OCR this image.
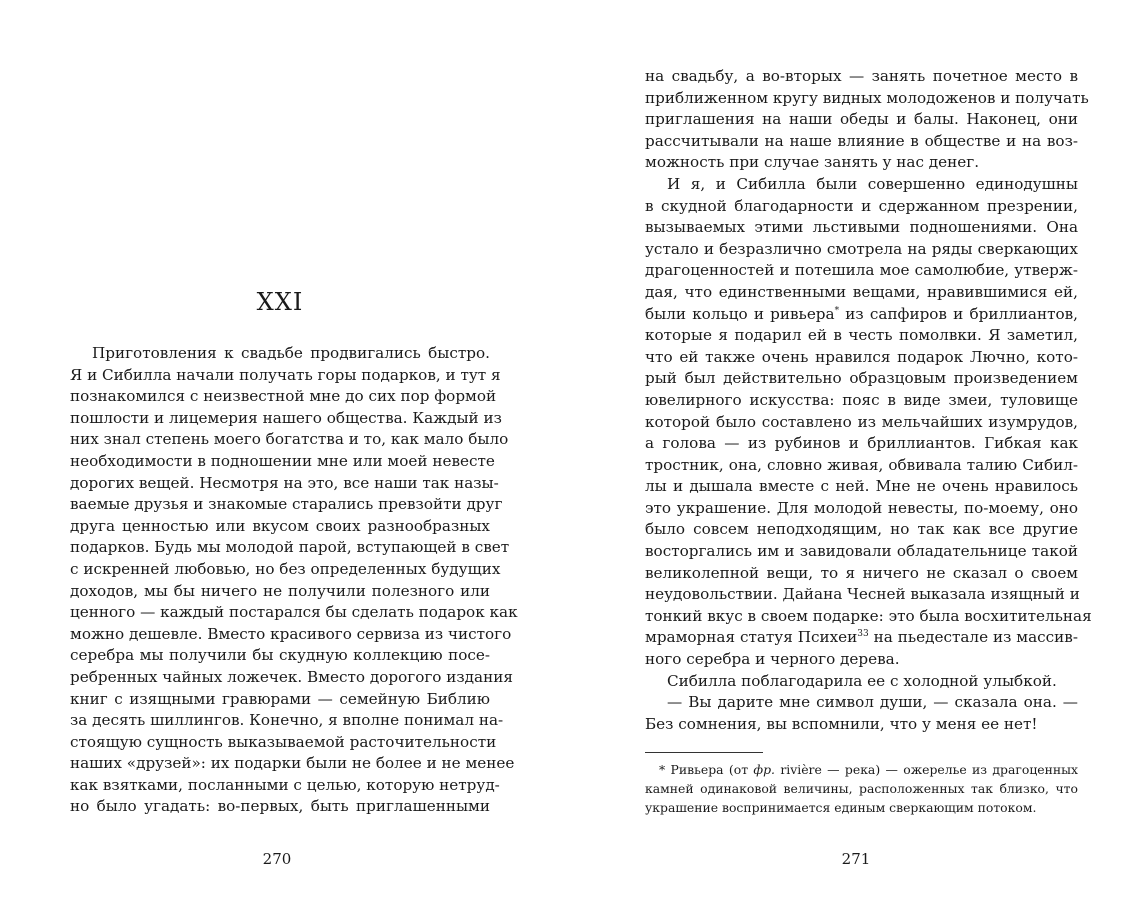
XXI
Приготовления к свадьбе продвигались быстро.
Я и Сибилла начали получать горы подарков, и тут я
познакомился с неизвестной мне до сих пор формой
пошлости и лицемерия нашего общества. Каждый из
них знал степень моего богатства и то, как мало было
необходимости в подношении мне или моей невесте
дорогих вещей. Несмотря на это, все наши так назы-
ваемые друзья и знакомые старались превзойти друг
друга ценностью или вкусом своих разнообразных
подарков. Будь мы молодой парой, вступающей в свет
с искренней любовью, но без определенных будущих
доходов, мы бы ничего не получили полезного или
ценного — каждый постарался бы сделать подарок как
можно дешевле. Вместо красивого сервиза из чистого
серебра мы получили бы скудную коллекцию посе-
ребренных чайных ложечек. Вместо дорогого издания
книг с изящными гравюрами — семейную Библию
за десять шиллингов. Конечно, я вполне понимал на-
стоящую сущность выказываемой расточительности
наших «друзей»: их подарки были не более и не менее
как взятками, посланными с целью, которую нетруд-
но было угадать: во-первых, быть приглашенными
270
на свадьбу, а во-вторых — занять почетное место в
приближенном кругу видных молодоженов и получать
приглашения на наши обеды и балы. Наконец, они
рассчитывали на наше влияние в обществе и на воз-
можность при случае занять у нас денег.
И я, и Сибилла были совершенно единодушны
в скудной благодарности и сдержанном презрении,
вызываемых этими льстивыми подношениями. Она
устало и безразлично смотрела на ряды сверкающих
драгоценностей и потешила мое самолюбие, утверж-
дая, что единственными вещами, нравившимися ей,
были кольцо и ривьера* из сапфиров и бриллиантов,
которые я подарил ей в честь помолвки. Я заметил,
что ей также очень нравился подарок Лючно, кото-
рый был действительно образцовым произведением
ювелирного искусства: пояс в виде змеи, туловище
которой было составлено из мельчайших изумрудов,
а голова — из рубинов и бриллиантов. Гибкая как
тростник, она, словно живая, обвивала талию Сибил-
лы и дышала вместе с ней. Мне не очень нравилось
это украшение. Для молодой невесты, по-моему, оно
было совсем неподходящим, но так как все другие
восторгались им и завидовали обладательнице такой
великолепной вещи, то я ничего не сказал о своем
неудовольствии. Дайана Чесней выказала изящный и
тонкий вкус в своем подарке: это была восхитительная
мраморная статуя Психеи$^{33}$ на пьедестале из массив-
ного серебра и черного дерева.
Сибилла поблагодарила ее с холодной улыбкой.
— Вы дарите мне символ души, — сказала она. —
Без сомнения, вы вспомнили, что у меня ее нет!
* Ривьера (от фр. rivière — река) — ожерелье из драгоценных
камней одинаковой величины, расположенных так близко, что
украшение воспринимается единым сверкающим потоком.
271
